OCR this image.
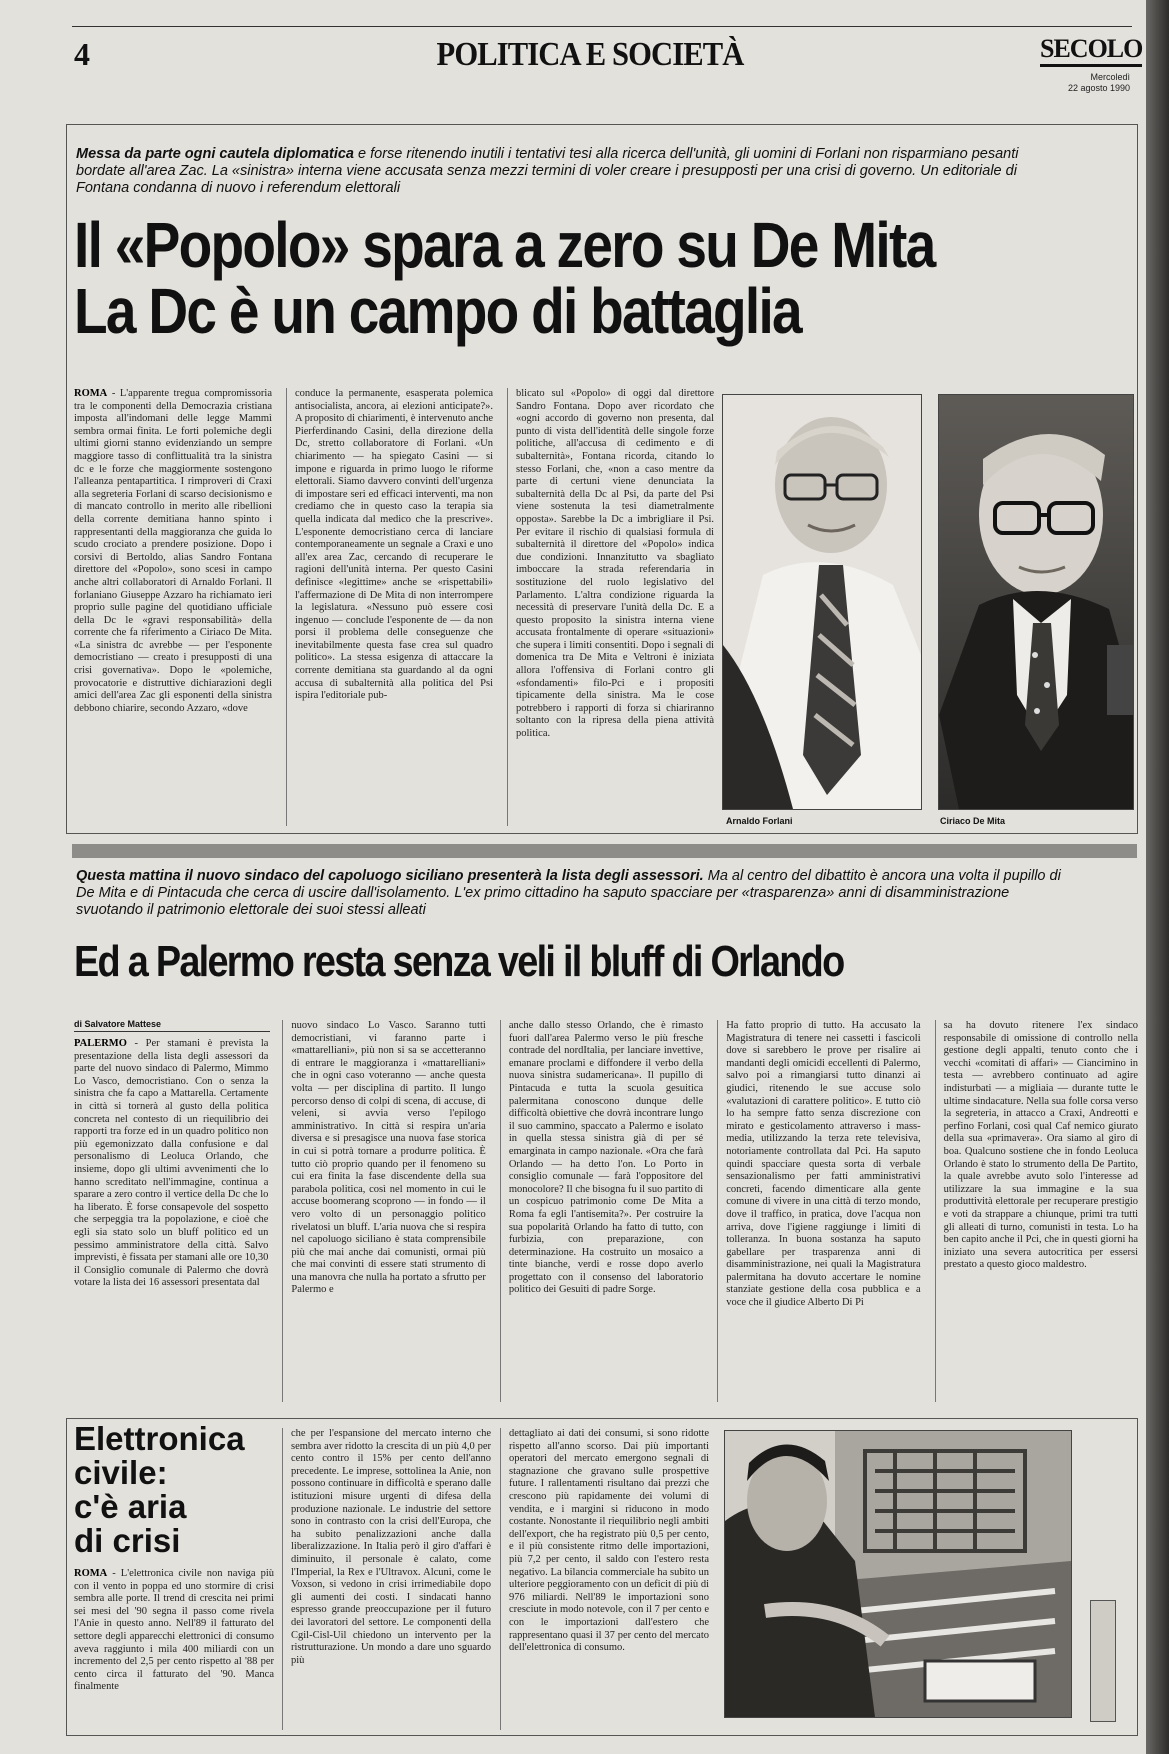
4	POLITICA E SOCIETÀ	SECOLO
Mercoledì
22 agosto 1990
Messa da parte ogni cautela diplomatica e forse ritenendo inutili i tentativi tesi alla ricerca dell'unità, gli uomini di Forlani non risparmiano pesanti bordate all'area Zac. La «sinistra» interna viene accusata senza mezzi termini di voler creare i presupposti per una crisi di governo. Un editoriale di Fontana condanna di nuovo i referendum elettorali
Il «Popolo» spara a zero su De Mita
La Dc è un campo di battaglia
ROMA - L'apparente tregua compromissoria tra le componenti della Democrazia cristiana imposta all'indomani delle legge Mammì sembra ormai finita. Le forti polemiche degli ultimi giorni stanno evidenziando un sempre maggiore tasso di conflittualità tra la sinistra dc e le forze che maggiormente sostengono l'alleanza pentapartitica. I rimproveri di Craxi alla segreteria Forlani di scarso decisionismo e di mancato controllo in merito alle ribellioni della corrente demitiana hanno spinto i rappresentanti della maggioranza che guida lo scudo crociato a prendere posizione. Dopo i corsivi di Bertoldo, alias Sandro Fontana direttore del «Popolo», sono scesi in campo anche altri collaboratori di Arnaldo Forlani. Il forlaniano Giuseppe Azzaro ha richiamato ieri proprio sulle pagine del quotidiano ufficiale della Dc le «gravi responsabilità» della corrente che fa riferimento a Ciriaco De Mita. «La sinistra dc avrebbe — per l'esponente democristiano — creato i presupposti di una crisi governativa». Dopo le «polemiche, provocatorie e distruttive dichiarazioni degli amici dell'area Zac gli esponenti della sinistra debbono chiarire, secondo Azzaro, «dove
conduce la permanente, esasperata polemica antisocialista, ancora, ai elezioni anticipate?». A proposito di chiarimenti, è intervenuto anche Pierferdinando Casini, della direzione della Dc, stretto collaboratore di Forlani. «Un chiarimento — ha spiegato Casini — si impone e riguarda in primo luogo le riforme elettorali. Siamo davvero convinti dell'urgenza di impostare seri ed efficaci interventi, ma non crediamo che in questo caso la terapia sia quella indicata dal medico che la prescrive». L'esponente democristiano cerca di lanciare contemporaneamente un segnale a Craxi e uno all'ex area Zac, cercando di recuperare le ragioni dell'unità interna. Per questo Casini definisce «legittime» anche se «rispettabili» l'affermazione di De Mita di non interrompere la legislatura. «Nessuno può essere così ingenuo — conclude l'esponente de — da non porsi il problema delle conseguenze che inevitabilmente questa fase crea sul quadro politico». La stessa esigenza di attaccare la corrente demitiana sta guardando al da ogni accusa di subalternità alla politica del Psi ispira l'editoriale pub-
blicato sul «Popolo» di oggi dal direttore Sandro Fontana. Dopo aver ricordato che «ogni accordo di governo non presenta, dal punto di vista dell'identità delle singole forze politiche, all'accusa di cedimento e di subalternità», Fontana ricorda, citando lo stesso Forlani, che, «non a caso mentre da parte di certuni viene denunciata la subalternità della Dc al Psi, da parte del Psi viene sostenuta la tesi diametralmente opposta». Sarebbe la Dc a imbrigliare il Psi. Per evitare il rischio di qualsiasi formula di subalternità il direttore del «Popolo» indica due condizioni. Innanzitutto va sbagliato imboccare la strada referendaria in sostituzione del ruolo legislativo del Parlamento. L'altra condizione riguarda la necessità di preservare l'unità della Dc. E a questo proposito la sinistra interna viene accusata frontalmente di operare «situazioni» che supera i limiti consentiti. Dopo i segnali di domenica tra De Mita e Veltroni è iniziata allora l'offensiva di Forlani contro gli «sfondamenti» filo-Pci e i propositi tipicamente della sinistra. Ma le cose potrebbero i rapporti di forza si chiariranno soltanto con la ripresa della piena attività politica.
Arnaldo Forlani	Ciriaco De Mita
Questa mattina il nuovo sindaco del capoluogo siciliano presenterà la lista degli assessori. Ma al centro del dibattito è ancora una volta il pupillo di De Mita e di Pintacuda che cerca di uscire dall'isolamento. L'ex primo cittadino ha saputo spacciare per «trasparenza» anni di disamministrazione svuotando il patrimonio elettorale dei suoi stessi alleati
Ed a Palermo resta senza veli il bluff di Orlando
di Salvatore Mattese
PALERMO - Per stamani è prevista la presentazione della lista degli assessori da parte del nuovo sindaco di Palermo, Mimmo Lo Vasco, democristiano. Con o senza la sinistra che fa capo a Mattarella. Certamente in città si tornerà al gusto della politica concreta nel contesto di un riequilibrio dei rapporti tra forze ed in un quadro politico non più egemonizzato dalla confusione e dal personalismo di Leoluca Orlando, che insieme, dopo gli ultimi avvenimenti che lo hanno screditato nell'immagine, continua a sparare a zero contro il vertice della Dc che lo ha liberato. È forse consapevole del sospetto che serpeggia tra la popolazione, e cioè che egli sia stato solo un bluff politico ed un pessimo amministratore della città. Salvo imprevisti, è fissata per stamani alle ore 10,30 il Consiglio comunale di Palermo che dovrà votare la lista dei 16 assessori presentata dal
nuovo sindaco Lo Vasco. Saranno tutti democristiani, vi faranno parte i «mattarelliani», più non si sa se accetteranno di entrare le maggioranza i «mattarelliani» che in ogni caso voteranno — anche questa volta — per disciplina di partito. Il lungo percorso denso di colpi di scena, di accuse, di veleni, si avvia verso l'epilogo amministrativo. In città si respira un'aria diversa e si presagisce una nuova fase storica in cui si potrà tornare a produrre politica. È tutto ciò proprio quando per il fenomeno su cui era finita la fase discendente della sua parabola politica, così nel momento in cui le accuse boomerang scoprono — in fondo — il vero volto di un personaggio politico rivelatosi un bluff. L'aria nuova che si respira nel capoluogo siciliano è stata comprensibile più che mai anche dai comunisti, ormai più che mai convinti di essere stati strumento di una manovra che nulla ha portato a sfrutto per Palermo e
anche dallo stesso Orlando, che è rimasto fuori dall'area Palermo verso le più fresche contrade del nordItalia, per lanciare invettive, emanare proclami e diffondere il verbo della nuova sinistra sudamericana». Il pupillo di Pintacuda e tutta la scuola gesuitica palermitana conoscono dunque delle difficoltà obiettive che dovrà incontrare lungo il suo cammino, spaccato a Palermo e isolato in quella stessa sinistra già di per sé emarginata in campo nazionale. «Ora che farà Orlando — ha detto l'on. Lo Porto in consiglio comunale — farà l'oppositore del monocolore? Il che bisogna fu il suo partito di un cospicuo patrimonio come De Mita a Roma fa egli l'antisemita?». Per costruire la sua popolarità Orlando ha fatto di tutto, con furbizia, con preparazione, con determinazione. Ha costruito un mosaico a tinte bianche, verdi e rosse dopo averlo progettato con il consenso del laboratorio politico dei Gesuiti di padre Sorge.
Ha fatto proprio di tutto. Ha accusato la Magistratura di tenere nei cassetti i fascicoli dove si sarebbero le prove per risalire ai mandanti degli omicidi eccellenti di Palermo, salvo poi a rimangiarsi tutto dinanzi ai giudici, ritenendo le sue accuse solo «valutazioni di carattere politico». E tutto ciò lo ha sempre fatto senza discrezione con mirato e gesticolamento attraverso i mass-media, utilizzando la terza rete televisiva, notoriamente controllata dal Pci. Ha saputo quindi spacciare questa sorta di verbale sensazionalismo per fatti amministrativi concreti, facendo dimenticare alla gente comune di vivere in una città di terzo mondo, dove il traffico, in pratica, dove l'acqua non arriva, dove l'igiene raggiunge i limiti di tolleranza. In buona sostanza ha saputo gabellare per trasparenza anni di disamministrazione, nei quali la Magistratura palermitana ha dovuto accertare le nomine stanziate gestione della cosa pubblica e a voce che il giudice Alberto Di Pi
sa ha dovuto ritenere l'ex sindaco responsabile di omissione di controllo nella gestione degli appalti, tenuto conto che i vecchi «comitati di affari» — Ciancimino in testa — avrebbero continuato ad agire indisturbati — a migliaia — durante tutte le ultime sindacature. Nella sua folle corsa verso la segreteria, in attacco a Craxi, Andreotti e perfino Forlani, così qual Caf nemico giurato della sua «primavera». Ora siamo al giro di boa. Qualcuno sostiene che in fondo Leoluca Orlando è stato lo strumento della De Partito, la quale avrebbe avuto solo l'interesse ad utilizzare la sua immagine e la sua produttività elettorale per recuperare prestigio e voti da strappare a chiunque, primi tra tutti gli alleati di turno, comunisti in testa. Lo ha ben capito anche il Pci, che in questi giorni ha iniziato una severa autocritica per essersi prestato a questo gioco maldestro.
Elettronica
civile:
c'è aria
di crisi
ROMA - L'elettronica civile non naviga più con il vento in poppa ed uno stormire di crisi sembra alle porte. Il trend di crescita nei primi sei mesi del '90 segna il passo come rivela l'Anie in questo anno. Nell'89 il fatturato del settore degli apparecchi elettronici di consumo aveva raggiunto i mila 400 miliardi con un incremento del 2,5 per cento rispetto al '88 per cento circa il fatturato del '90. Manca finalmente
che per l'espansione del mercato interno che sembra aver ridotto la crescita di un più 4,0 per cento contro il 15% per cento dell'anno precedente. Le imprese, sottolinea la Anie, non possono continuare in difficoltà e sperano dalle istituzioni misure urgenti di difesa della produzione nazionale. Le industrie del settore sono in contrasto con la crisi dell'Europa, che ha subito penalizzazioni anche dalla liberalizzazione. In Italia però il giro d'affari è diminuito, il personale è calato, come l'Imperial, la Rex e l'Ultravox. Alcuni, come le Voxson, si vedono in crisi irrimediabile dopo gli aumenti dei costi. I sindacati hanno espresso grande preoccupazione per il futuro dei lavoratori del settore. Le componenti della Cgil-Cisl-Uil chiedono un intervento per la ristrutturazione. Un mondo a dare uno sguardo più
dettagliato ai dati dei consumi, si sono ridotte rispetto all'anno scorso. Dai più importanti operatori del mercato emergono segnali di stagnazione che gravano sulle prospettive future. I rallentamenti risultano dai prezzi che crescono più rapidamente dei volumi di vendita, e i margini si riducono in modo costante. Nonostante il riequilibrio negli ambiti dell'export, che ha registrato più 0,5 per cento, e il più consistente ritmo delle importazioni, più 7,2 per cento, il saldo con l'estero resta negativo. La bilancia commerciale ha subito un ulteriore peggioramento con un deficit di più di 976 miliardi. Nell'89 le importazioni sono cresciute in modo notevole, con il 7 per cento e con le importazioni dall'estero che rappresentano quasi il 37 per cento del mercato dell'elettronica di consumo.
